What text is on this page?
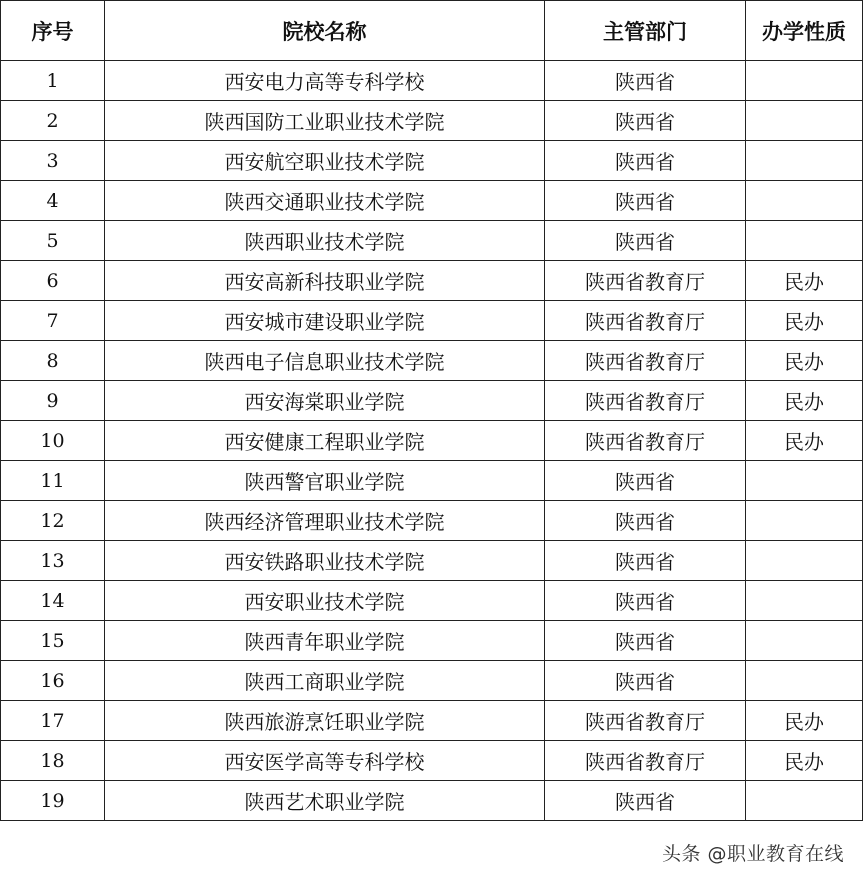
序号	院校名称	主管部门	办学性质
1	西安电力高等专科学校	陕西省	
2	陕西国防工业职业技术学院	陕西省	
3	西安航空职业技术学院	陕西省	
4	陕西交通职业技术学院	陕西省	
5	陕西职业技术学院	陕西省	
6	西安高新科技职业学院	陕西省教育厅	民办
7	西安城市建设职业学院	陕西省教育厅	民办
8	陕西电子信息职业技术学院	陕西省教育厅	民办
9	西安海棠职业学院	陕西省教育厅	民办
10	西安健康工程职业学院	陕西省教育厅	民办
11	陕西警官职业学院	陕西省	
12	陕西经济管理职业技术学院	陕西省	
13	西安铁路职业技术学院	陕西省	
14	西安职业技术学院	陕西省	
15	陕西青年职业学院	陕西省	
16	陕西工商职业学院	陕西省	
17	陕西旅游烹饪职业学院	陕西省教育厅	民办
18	西安医学高等专科学校	陕西省教育厅	民办
19	陕西艺术职业学院	陕西省	
头条 @职业教育在线
